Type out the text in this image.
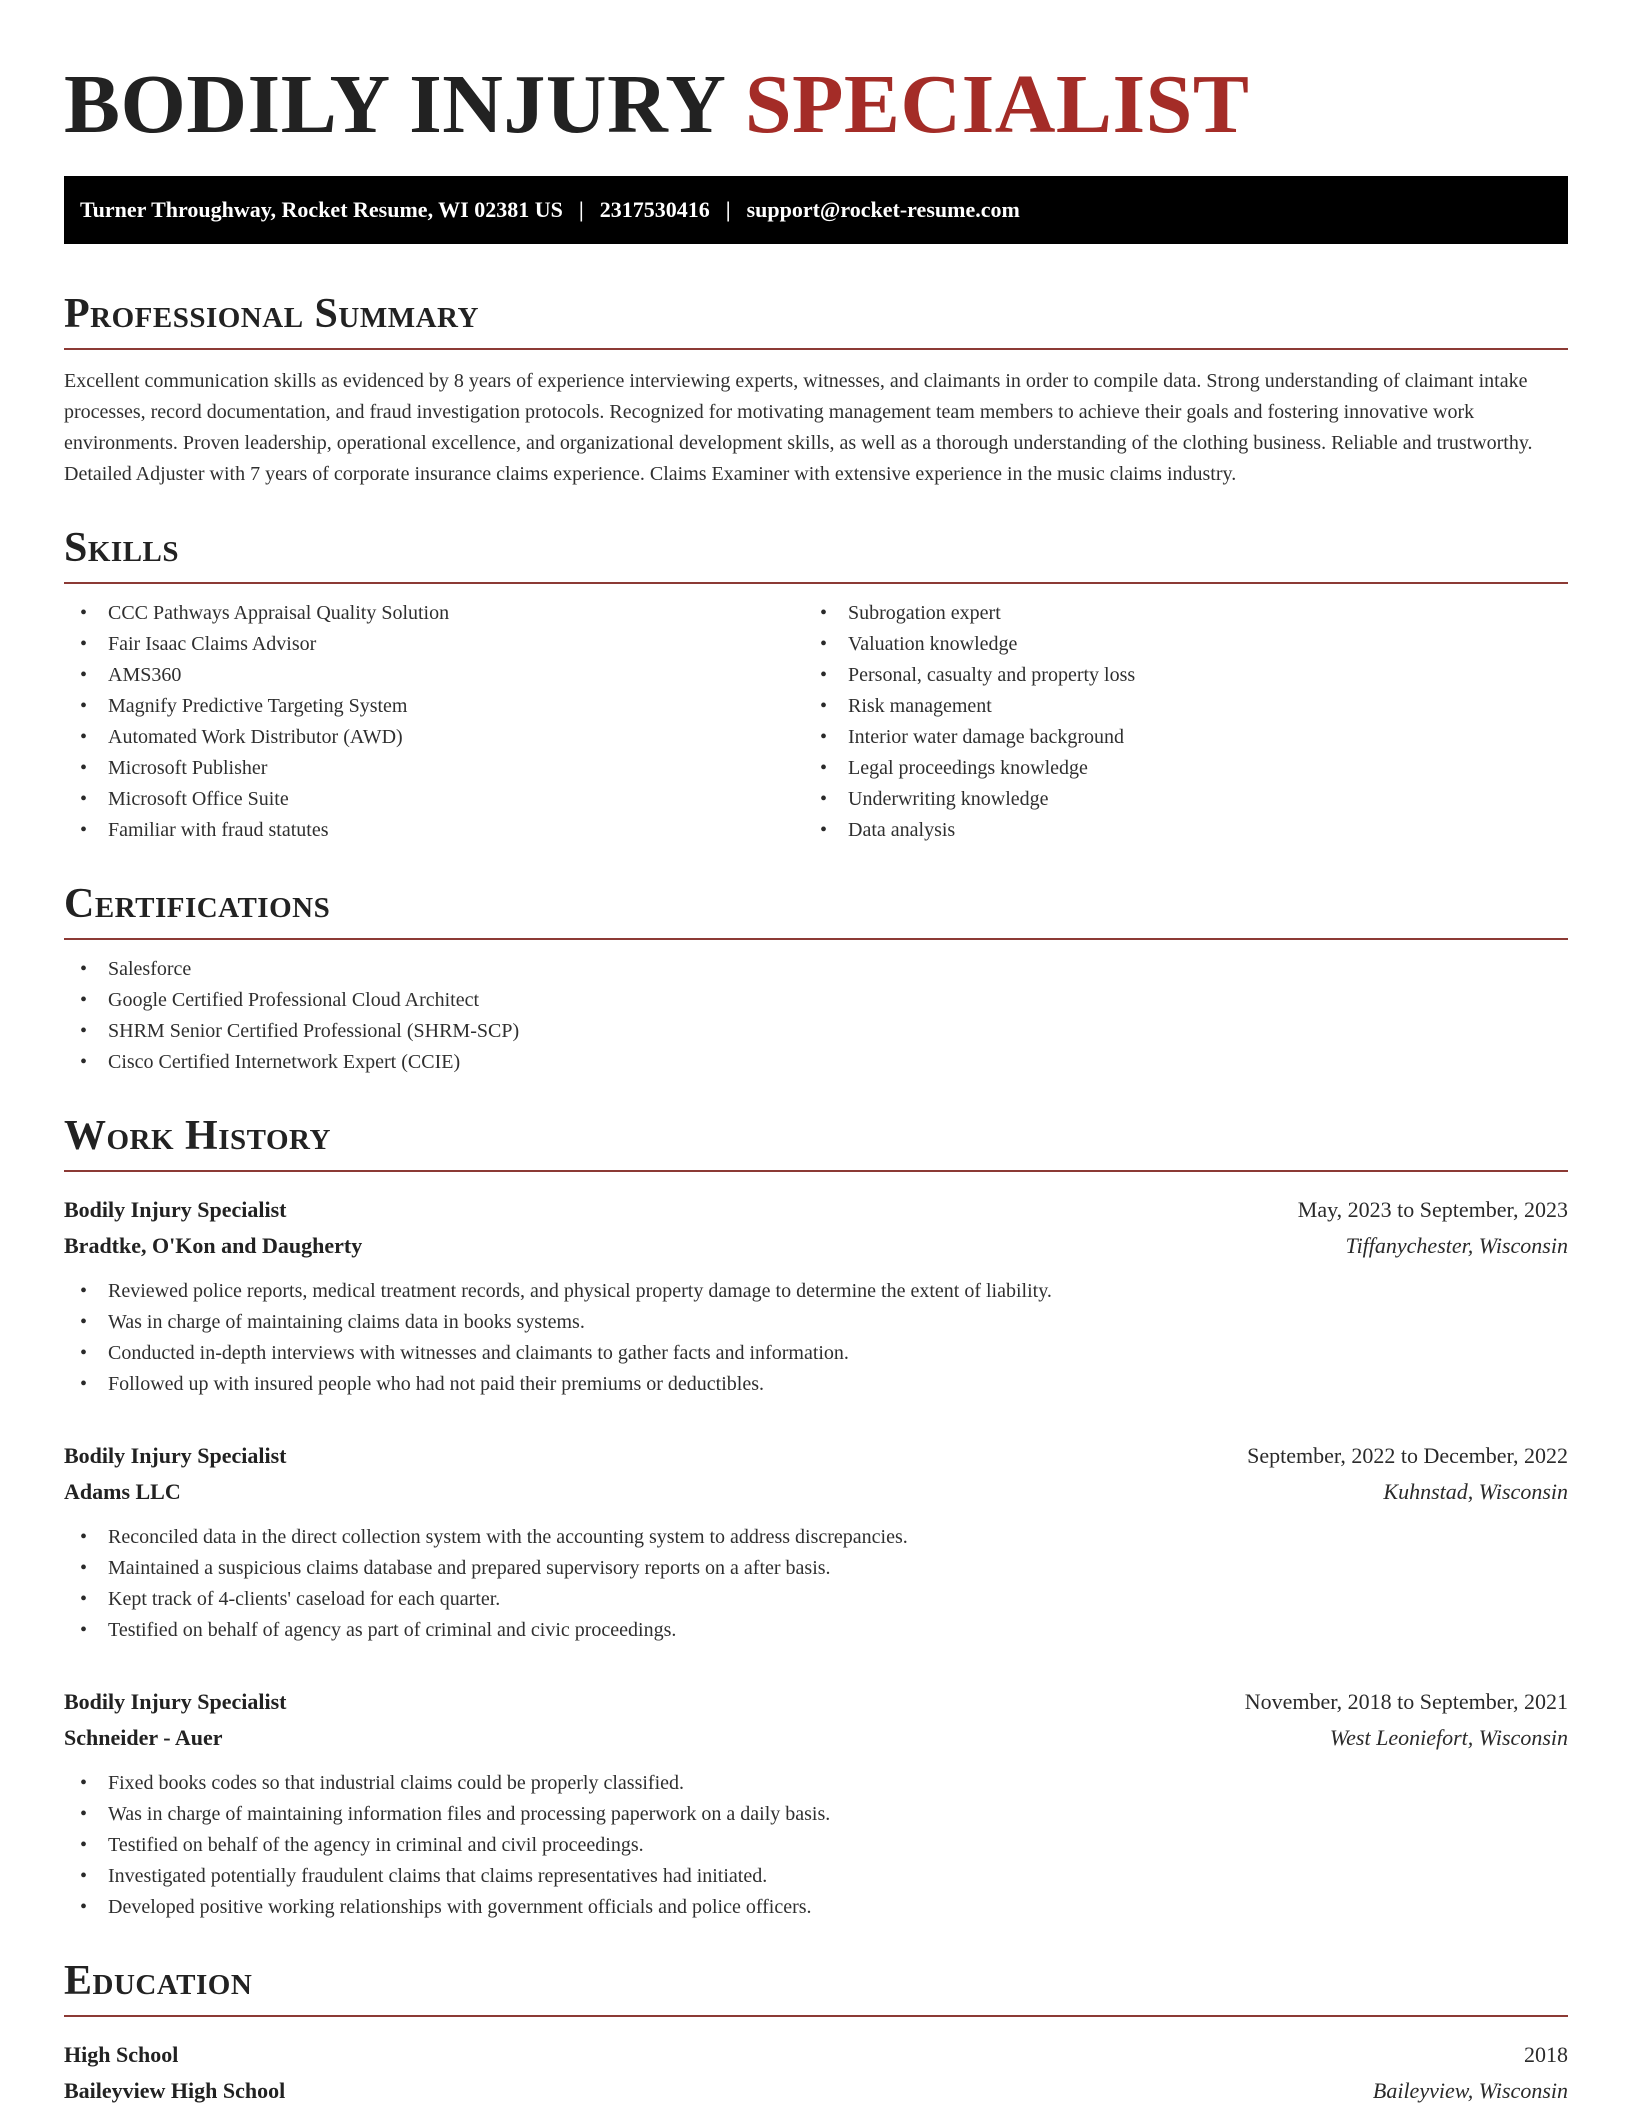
BODILY INJURY SPECIALIST
Turner Throughway, Rocket Resume, WI 02381 US | 2317530416 | support@rocket-resume.com
Professional Summary

Excellent communication skills as evidenced by 8 years of experience interviewing experts, witnesses, and claimants in order to compile data. Strong understanding of claimant intake processes, record documentation, and fraud investigation protocols. Recognized for motivating management team members to achieve their goals and fostering innovative work environments. Proven leadership, operational excellence, and organizational development skills, as well as a thorough understanding of the clothing business. Reliable and trustworthy. Detailed Adjuster with 7 years of corporate insurance claims experience. Claims Examiner with extensive experience in the music claims industry.

Skills
• CCC Pathways Appraisal Quality Solution
• Fair Isaac Claims Advisor
• AMS360
• Magnify Predictive Targeting System
• Automated Work Distributor (AWD)
• Microsoft Publisher
• Microsoft Office Suite
• Familiar with fraud statutes
• Subrogation expert
• Valuation knowledge
• Personal, casualty and property loss
• Risk management
• Interior water damage background
• Legal proceedings knowledge
• Underwriting knowledge
• Data analysis
Certifications
• Salesforce
• Google Certified Professional Cloud Architect
• SHRM Senior Certified Professional (SHRM-SCP)
• Cisco Certified Internetwork Expert (CCIE)
Work History
Bodily Injury Specialist	May, 2023 to September, 2023
Bradtke, O'Kon and Daugherty	Tiffanychester, Wisconsin
• Reviewed police reports, medical treatment records, and physical property damage to determine the extent of liability.
• Was in charge of maintaining claims data in books systems.
• Conducted in-depth interviews with witnesses and claimants to gather facts and information.
• Followed up with insured people who had not paid their premiums or deductibles.
Bodily Injury Specialist	September, 2022 to December, 2022
Adams LLC	Kuhnstad, Wisconsin
• Reconciled data in the direct collection system with the accounting system to address discrepancies.
• Maintained a suspicious claims database and prepared supervisory reports on a after basis.
• Kept track of 4-clients' caseload for each quarter.
• Testified on behalf of agency as part of criminal and civic proceedings.
Bodily Injury Specialist	November, 2018 to September, 2021
Schneider - Auer	West Leoniefort, Wisconsin
• Fixed books codes so that industrial claims could be properly classified.
• Was in charge of maintaining information files and processing paperwork on a daily basis.
• Testified on behalf of the agency in criminal and civil proceedings.
• Investigated potentially fraudulent claims that claims representatives had initiated.
• Developed positive working relationships with government officials and police officers.
Education
High School	2018
Baileyview High School	Baileyview, Wisconsin
